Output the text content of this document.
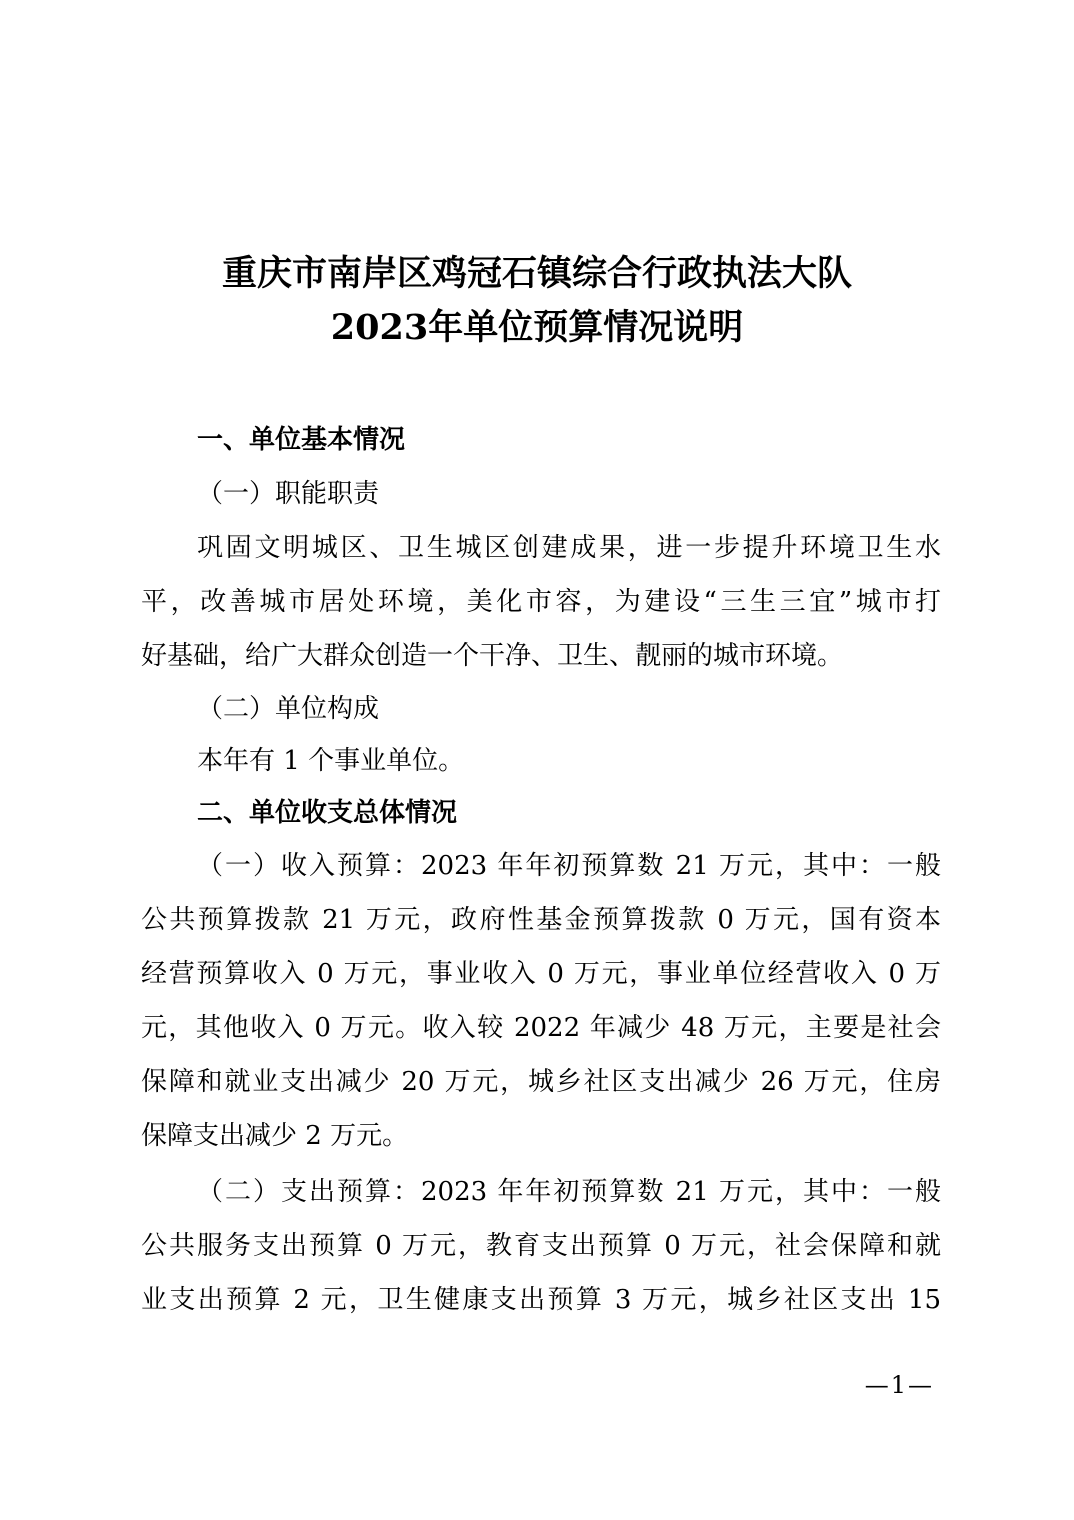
重庆市南岸区鸡冠石镇综合行政执法大队
2023年单位预算情况说明
一、单位基本情况
（一）职能职责
巩固文明城区、卫生城区创建成果，进一步提升环境卫生水
平，改善城市居处环境，美化市容，为建设“三生三宜”城市打
好基础，给广大群众创造一个干净、卫生、靓丽的城市环境。
（二）单位构成
本年有 1 个事业单位。
二、单位收支总体情况
（一）收入预算：2023 年年初预算数 21 万元，其中：一般
公共预算拨款 21 万元，政府性基金预算拨款 0 万元，国有资本
经营预算收入 0 万元，事业收入 0 万元，事业单位经营收入 0 万
元，其他收入 0 万元。收入较 2022 年减少 48 万元，主要是社会
保障和就业支出减少 20 万元，城乡社区支出减少 26 万元，住房
保障支出减少 2 万元。
（二）支出预算：2023 年年初预算数 21 万元，其中：一般
公共服务支出预算 0 万元，教育支出预算 0 万元，社会保障和就
业支出预算 2 元，卫生健康支出预算 3 万元，城乡社区支出 15
—1—
